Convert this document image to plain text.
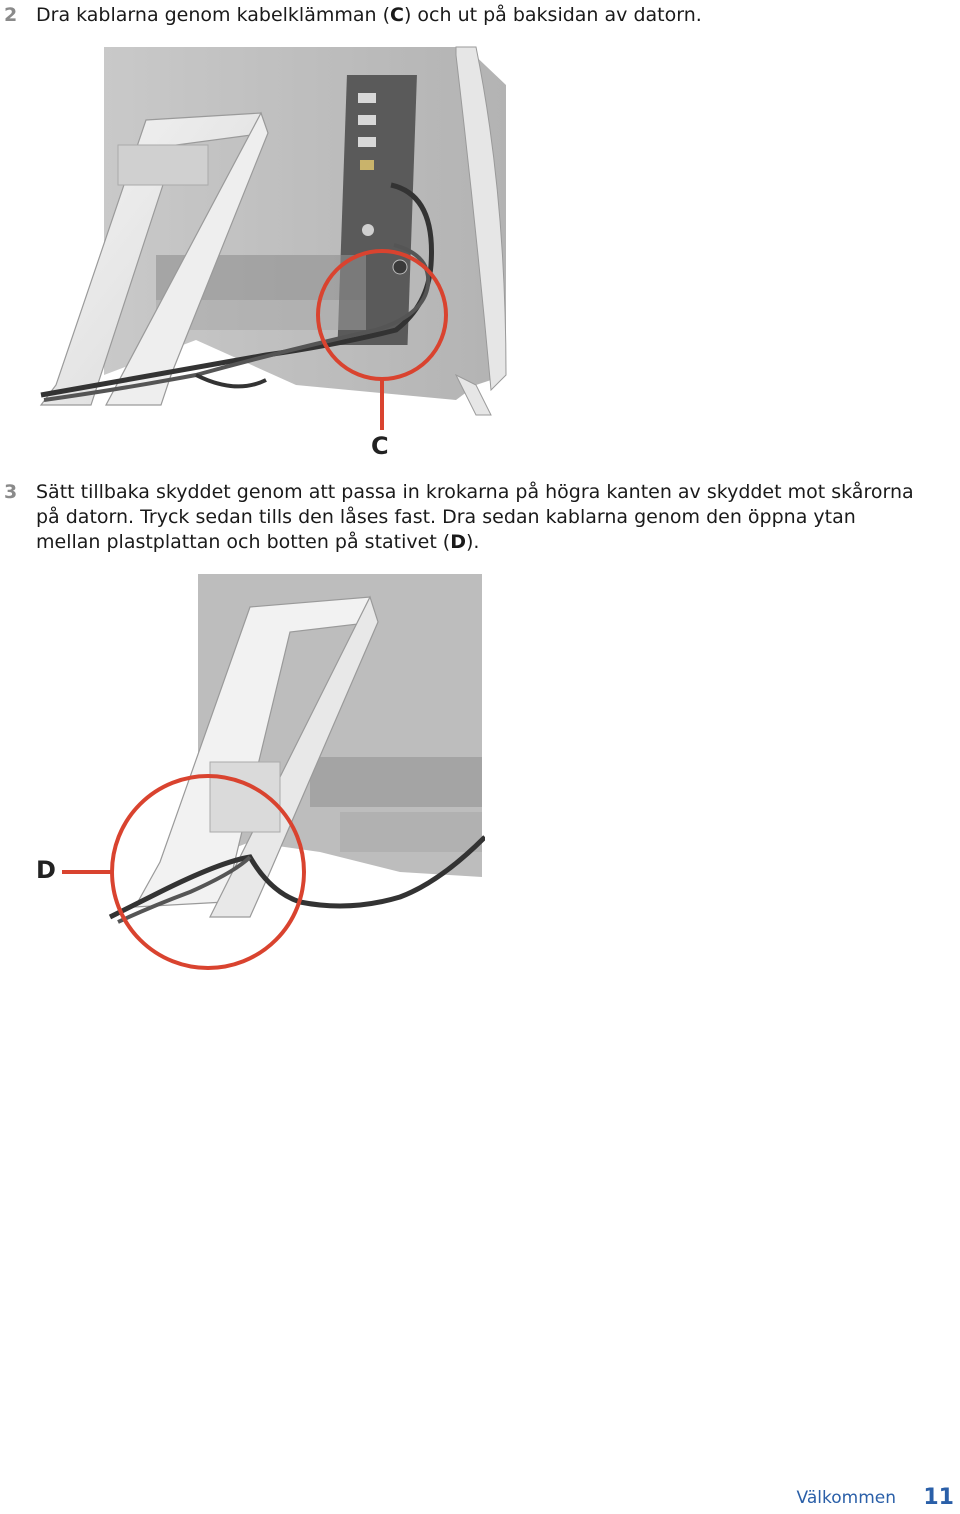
2 Dra kablarna genom kabelklämman (C) och ut på baksidan av datorn.
C
3 Sätt tillbaka skyddet genom att passa in krokarna på högra kanten av skyddet mot skårorna på datorn. Tryck sedan tills den låses fast. Dra sedan kablarna genom den öppna ytan mellan plastplattan och botten på stativet (D).
D
Välkommen 11
